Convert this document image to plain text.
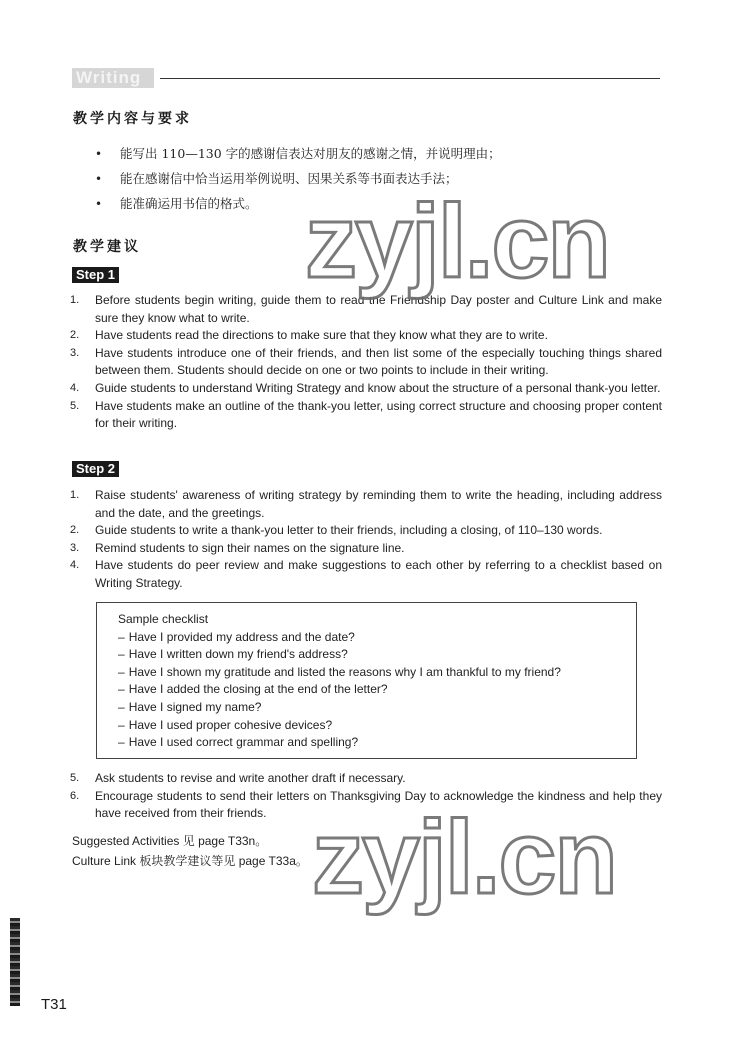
Writing
教学内容与要求
• 能写出 110—130 字的感谢信表达对朋友的感谢之情，并说明理由；
• 能在感谢信中恰当运用举例说明、因果关系等书面表达手法；
• 能准确运用书信的格式。
教学建议
Step 1
1. Before students begin writing, guide them to read the Friendship Day poster and Culture Link and make sure they know what to write.
2. Have students read the directions to make sure that they know what they are to write.
3. Have students introduce one of their friends, and then list some of the especially touching things shared between them. Students should decide on one or two points to include in their writing.
4. Guide students to understand Writing Strategy and know about the structure of a personal thank-you letter.
5. Have students make an outline of the thank-you letter, using correct structure and choosing proper content for their writing.
Step 2
1. Raise students' awareness of writing strategy by reminding them to write the heading, including address and the date, and the greetings.
2. Guide students to write a thank-you letter to their friends, including a closing, of 110–130 words.
3. Remind students to sign their names on the signature line.
4. Have students do peer review and make suggestions to each other by referring to a checklist based on Writing Strategy.
Sample checklist
– Have I provided my address and the date?
– Have I written down my friend's address?
– Have I shown my gratitude and listed the reasons why I am thankful to my friend?
– Have I added the closing at the end of the letter?
– Have I signed my name?
– Have I used proper cohesive devices?
– Have I used correct grammar and spelling?
5. Ask students to revise and write another draft if necessary.
6. Encourage students to send their letters on Thanksgiving Day to acknowledge the kindness and help they have received from their friends.
Suggested Activities 见 page T33n。
Culture Link 板块教学建议等见 page T33a。
T31
zyjl.cn
zyjl.cn
